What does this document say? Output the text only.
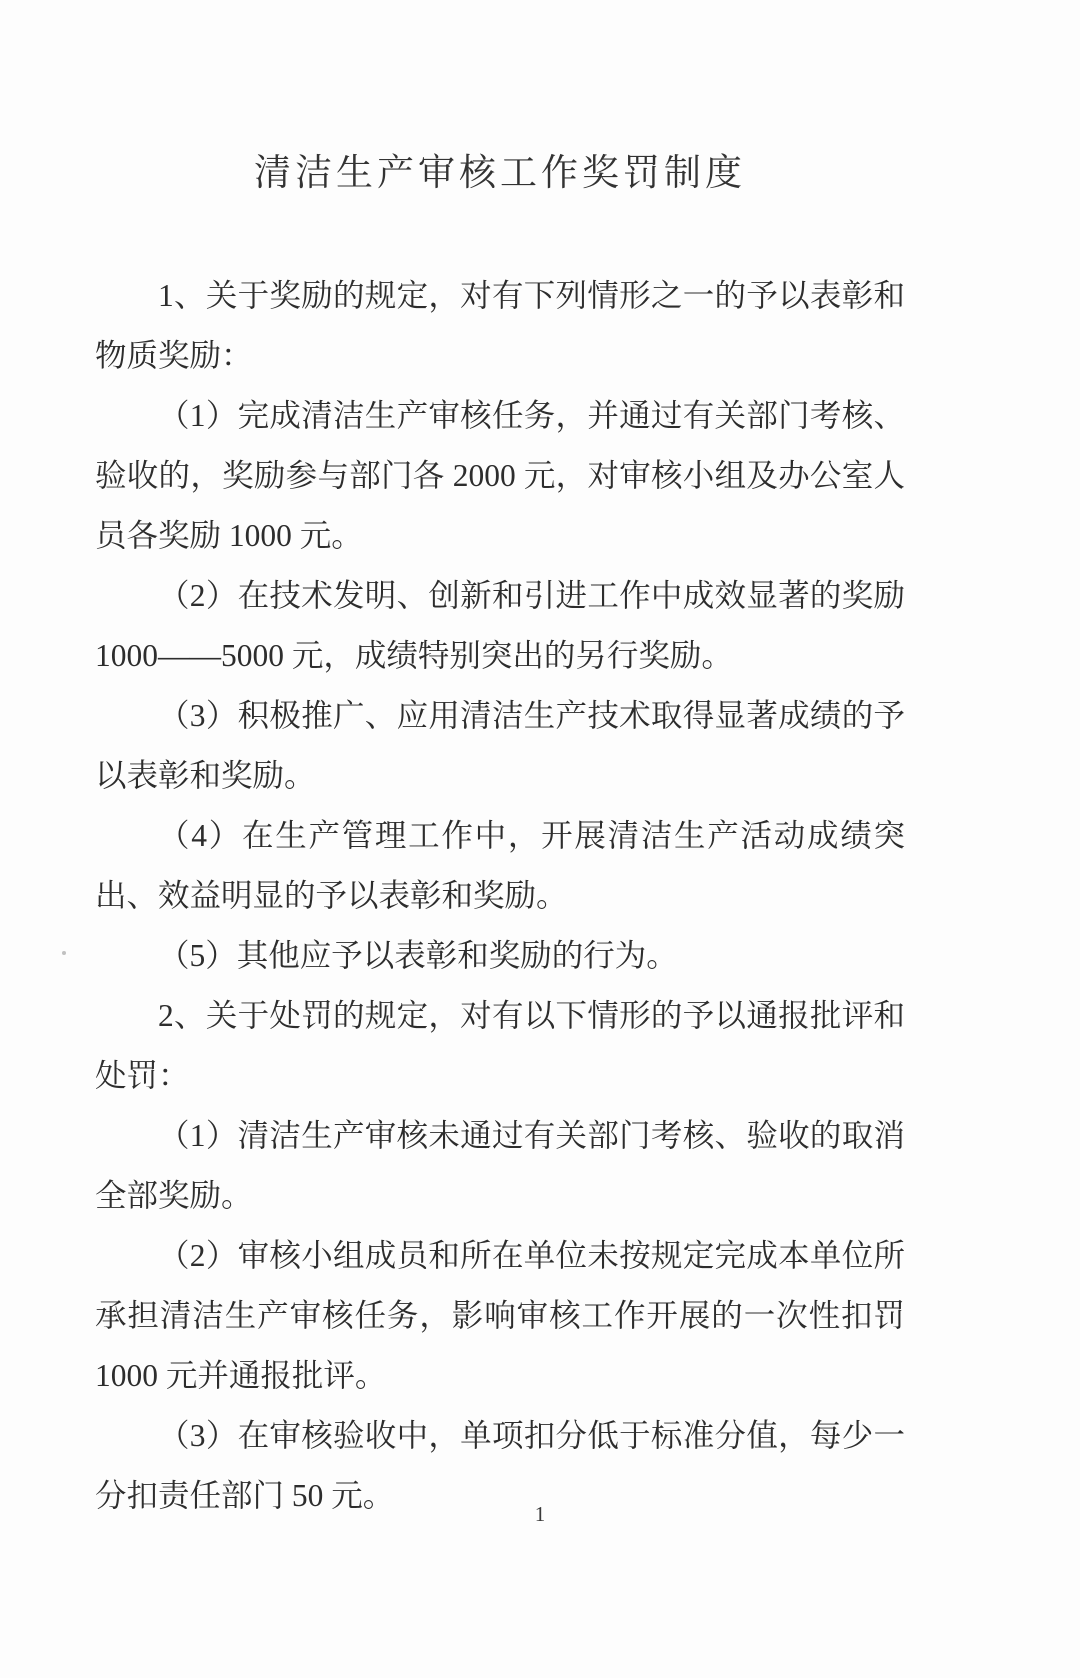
清洁生产审核工作奖罚制度

1、关于奖励的规定，对有下列情形之一的予以表彰和物质奖励：

（1）完成清洁生产审核任务，并通过有关部门考核、验收的，奖励参与部门各 2000 元，对审核小组及办公室人员各奖励 1000 元。

（2）在技术发明、创新和引进工作中成效显著的奖励 1000——5000 元，成绩特别突出的另行奖励。

（3）积极推广、应用清洁生产技术取得显著成绩的予以表彰和奖励。

（4）在生产管理工作中，开展清洁生产活动成绩突出、效益明显的予以表彰和奖励。

（5）其他应予以表彰和奖励的行为。

2、关于处罚的规定，对有以下情形的予以通报批评和处罚：

（1）清洁生产审核未通过有关部门考核、验收的取消全部奖励。

（2）审核小组成员和所在单位未按规定完成本单位所承担清洁生产审核任务，影响审核工作开展的一次性扣罚 1000 元并通报批评。

（3）在审核验收中，单项扣分低于标准分值，每少一分扣责任部门 50 元。

1
